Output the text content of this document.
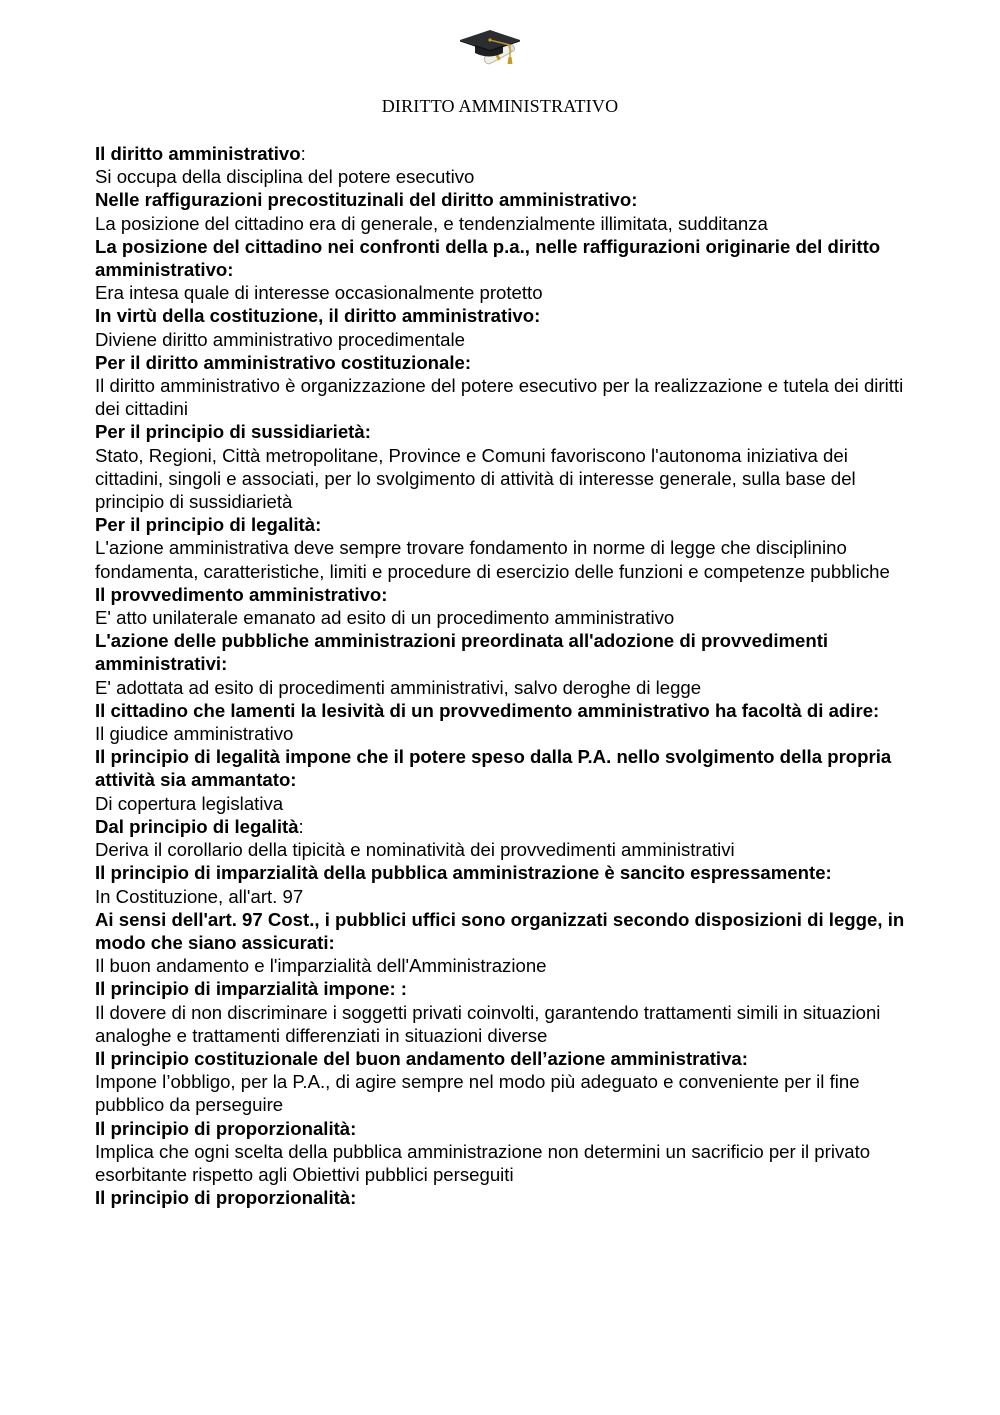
DIRITTO AMMINISTRATIVO

Il diritto amministrativo:

Si occupa della disciplina del potere esecutivo

Nelle raffigurazioni precostituzinali del diritto amministrativo:

La posizione del cittadino era di generale, e tendenzialmente illimitata, sudditanza

La posizione del cittadino nei confronti della p.a., nelle raffigurazioni originarie del diritto amministrativo:

Era intesa quale di interesse occasionalmente protetto

In virtù della costituzione, il diritto amministrativo:

Diviene diritto amministrativo procedimentale

Per il diritto amministrativo costituzionale:

Il diritto amministrativo è organizzazione del potere esecutivo per la realizzazione e tutela dei diritti dei cittadini

Per il principio di sussidiarietà:

Stato, Regioni, Città metropolitane, Province e Comuni favoriscono l'autonoma iniziativa dei cittadini, singoli e associati, per lo svolgimento di attività di interesse generale, sulla base del principio di sussidiarietà

Per il principio di legalità:

L'azione amministrativa deve sempre trovare fondamento in norme di legge che disciplinino fondamenta, caratteristiche, limiti e procedure di esercizio delle funzioni e competenze pubbliche

Il provvedimento amministrativo:

E' atto unilaterale emanato ad esito di un procedimento amministrativo

L'azione delle pubbliche amministrazioni preordinata all'adozione di provvedimenti amministrativi:

E' adottata ad esito di procedimenti amministrativi, salvo deroghe di legge

Il cittadino che lamenti la lesività di un provvedimento amministrativo ha facoltà di adire:

Il giudice amministrativo

Il principio di legalità impone che il potere speso dalla P.A. nello svolgimento della propria attività sia ammantato:

Di copertura legislativa

Dal principio di legalità:

Deriva il corollario della tipicità e nominatività dei provvedimenti amministrativi

Il principio di imparzialità della pubblica amministrazione è sancito espressamente:

In Costituzione, all'art. 97

Ai sensi dell'art. 97 Cost., i pubblici uffici sono organizzati secondo disposizioni di legge, in modo che siano assicurati:

Il buon andamento e l'imparzialità dell'Amministrazione

Il principio di imparzialità impone: :

Il dovere di non discriminare i soggetti privati coinvolti, garantendo trattamenti simili in situazioni analoghe e trattamenti differenziati in situazioni diverse

Il principio costituzionale del buon andamento dell’azione amministrativa:

Impone l’obbligo, per la P.A., di agire sempre nel modo più adeguato e conveniente per il fine pubblico da perseguire

Il principio di proporzionalità:

Implica che ogni scelta della pubblica amministrazione non determini un sacrificio per il privato esorbitante rispetto agli Obiettivi pubblici perseguiti

Il principio di proporzionalità:
